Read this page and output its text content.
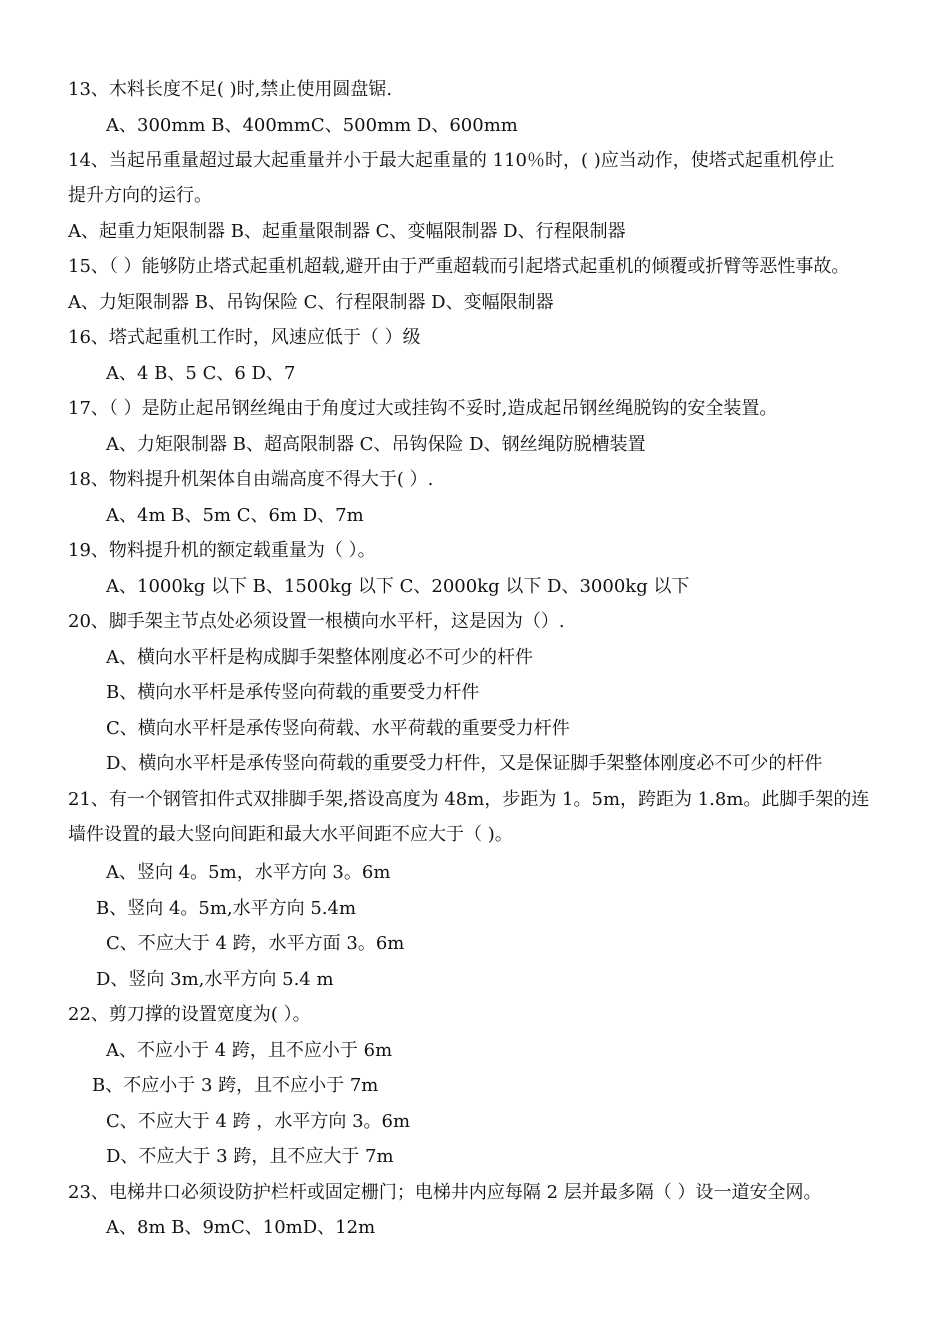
13、木料长度不足( )时,禁止使用圆盘锯.
A、300mm B、400mmC、500mm D、600mm
14、当起吊重量超过最大起重量并小于最大起重量的 110％时，( )应当动作，使塔式起重机停止
提升方向的运行。
A、起重力矩限制器 B、起重量限制器 C、变幅限制器 D、行程限制器
15、（ ）能够防止塔式起重机超载,避开由于严重超载而引起塔式起重机的倾覆或折臂等恶性事故。
A、力矩限制器 B、吊钩保险 C、行程限制器 D、变幅限制器
16、塔式起重机工作时，风速应低于（ ）级
A、4 B、5 C、6 D、7
17、（ ）是防止起吊钢丝绳由于角度过大或挂钩不妥时,造成起吊钢丝绳脱钩的安全装置。
A、力矩限制器 B、超高限制器 C、吊钩保险 D、钢丝绳防脱槽装置
18、物料提升机架体自由端高度不得大于( ）.
A、4m B、5m C、6m D、7m
19、物料提升机的额定载重量为（ ）。
A、1000kg 以下 B、1500kg 以下 C、2000kg 以下 D、3000kg 以下
20、脚手架主节点处必须设置一根横向水平杆，这是因为（）.
A、横向水平杆是构成脚手架整体刚度必不可少的杆件
B、横向水平杆是承传竖向荷载的重要受力杆件
C、横向水平杆是承传竖向荷载、水平荷载的重要受力杆件
D、横向水平杆是承传竖向荷载的重要受力杆件，又是保证脚手架整体刚度必不可少的杆件
21、有一个钢管扣件式双排脚手架,搭设高度为 48m，步距为 1。5m，跨距为 1.8m。此脚手架的连
墙件设置的最大竖向间距和最大水平间距不应大于（ )。
A、竖向 4。5m，水平方向 3。6m
B、竖向 4。5m,水平方向 5.4m
C、不应大于 4 跨，水平方面 3。6m
D、竖向 3m,水平方向 5.4 m
22、剪刀撑的设置宽度为( ）。
A、不应小于 4 跨，且不应小于 6m
B、不应小于 3 跨，且不应小于 7m
C、不应大于 4 跨 ，水平方向 3。6m
D、不应大于 3 跨，且不应大于 7m
23、电梯井口必须设防护栏杆或固定栅门；电梯井内应每隔 2 层并最多隔（ ）设一道安全网。
A、8m B、9mC、10mD、12m
